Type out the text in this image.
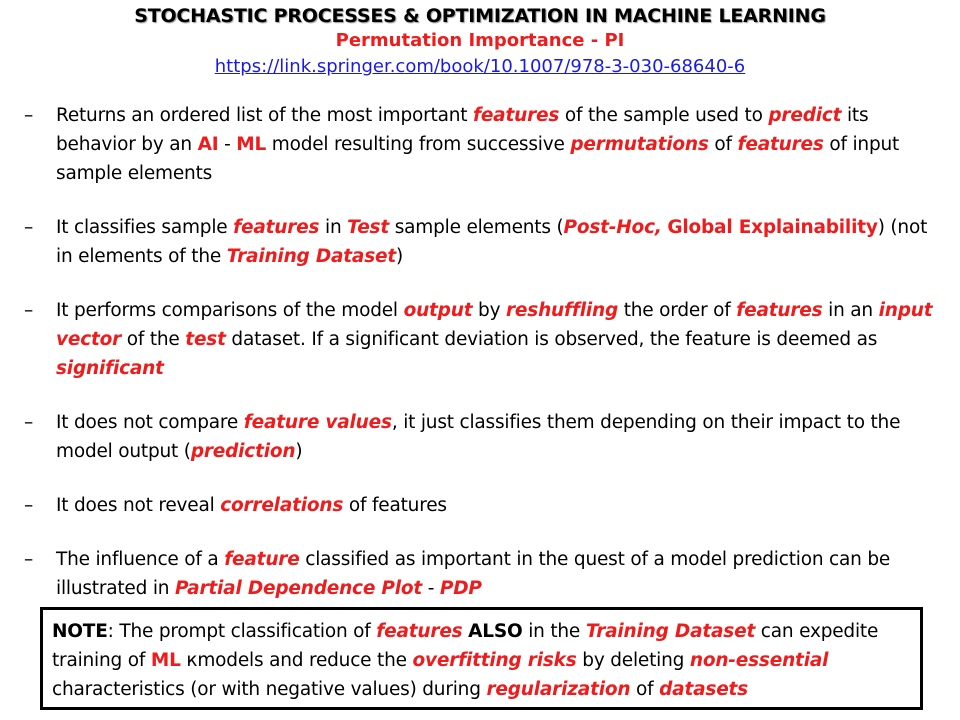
STOCHASTIC PROCESSES & OPTIMIZATION IN MACHINE LEARNING
Permutation Importance - PI
https://link.springer.com/book/10.1007/978-3-030-68640-6
– Returns an ordered list of the most important features of the sample used to predict its behavior by an AI - ML model resulting from successive permutations of features of input sample elements
– It classifies sample features in Test sample elements (Post-Hoc, Global Explainability) (not in elements of the Training Dataset)
– It performs comparisons of the model output by reshuffling the order of features in an input vector of the test dataset. If a significant deviation is observed, the feature is deemed as significant
– It does not compare feature values, it just classifies them depending on their impact to the model output (prediction)
– It does not reveal correlations of features
– The influence of a feature classified as important in the quest of a model prediction can be illustrated in Partial Dependence Plot - PDP
NOTE: The prompt classification of features ALSO in the Training Dataset can expedite training of ML кmodels and reduce the overfitting risks by deleting non-essential characteristics (or with negative values) during regularization of datasets
